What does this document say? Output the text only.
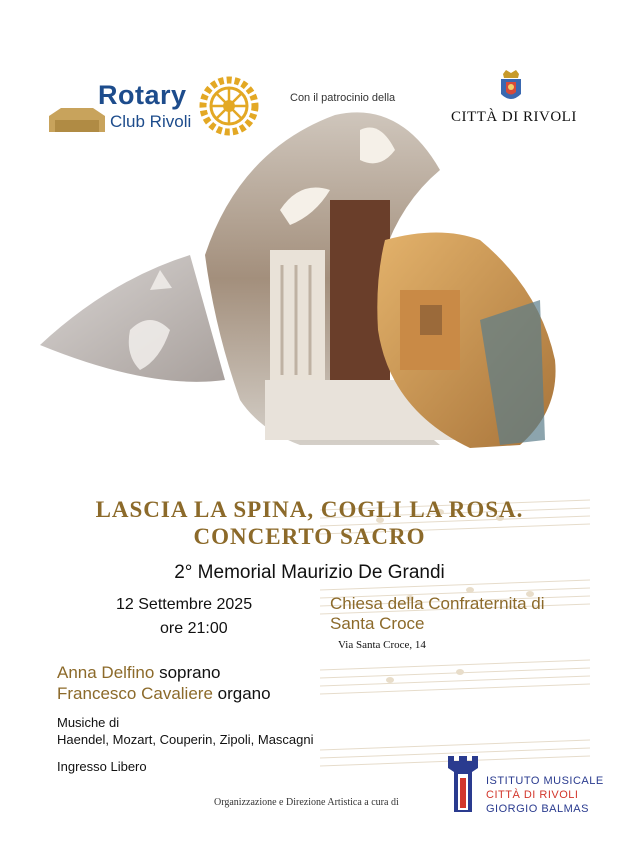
Rotary
Club Rivoli
Con il patrocinio della
CITTÀ DI RIVOLI
LASCIA LA SPINA, COGLI LA ROSA.
CONCERTO SACRO
2° Memorial Maurizio De Grandi
12 Settembre 2025
ore 21:00
Chiesa della Confraternita di
Santa Croce
Via Santa Croce, 14
Anna Delfino soprano
Francesco Cavaliere organo
Musiche di
Haendel, Mozart, Couperin, Zipoli, Mascagni
Ingresso Libero
Organizzazione e Direzione Artistica a cura di
ISTITUTO MUSICALE
CITTÀ DI RIVOLI
GIORGIO BALMAS
